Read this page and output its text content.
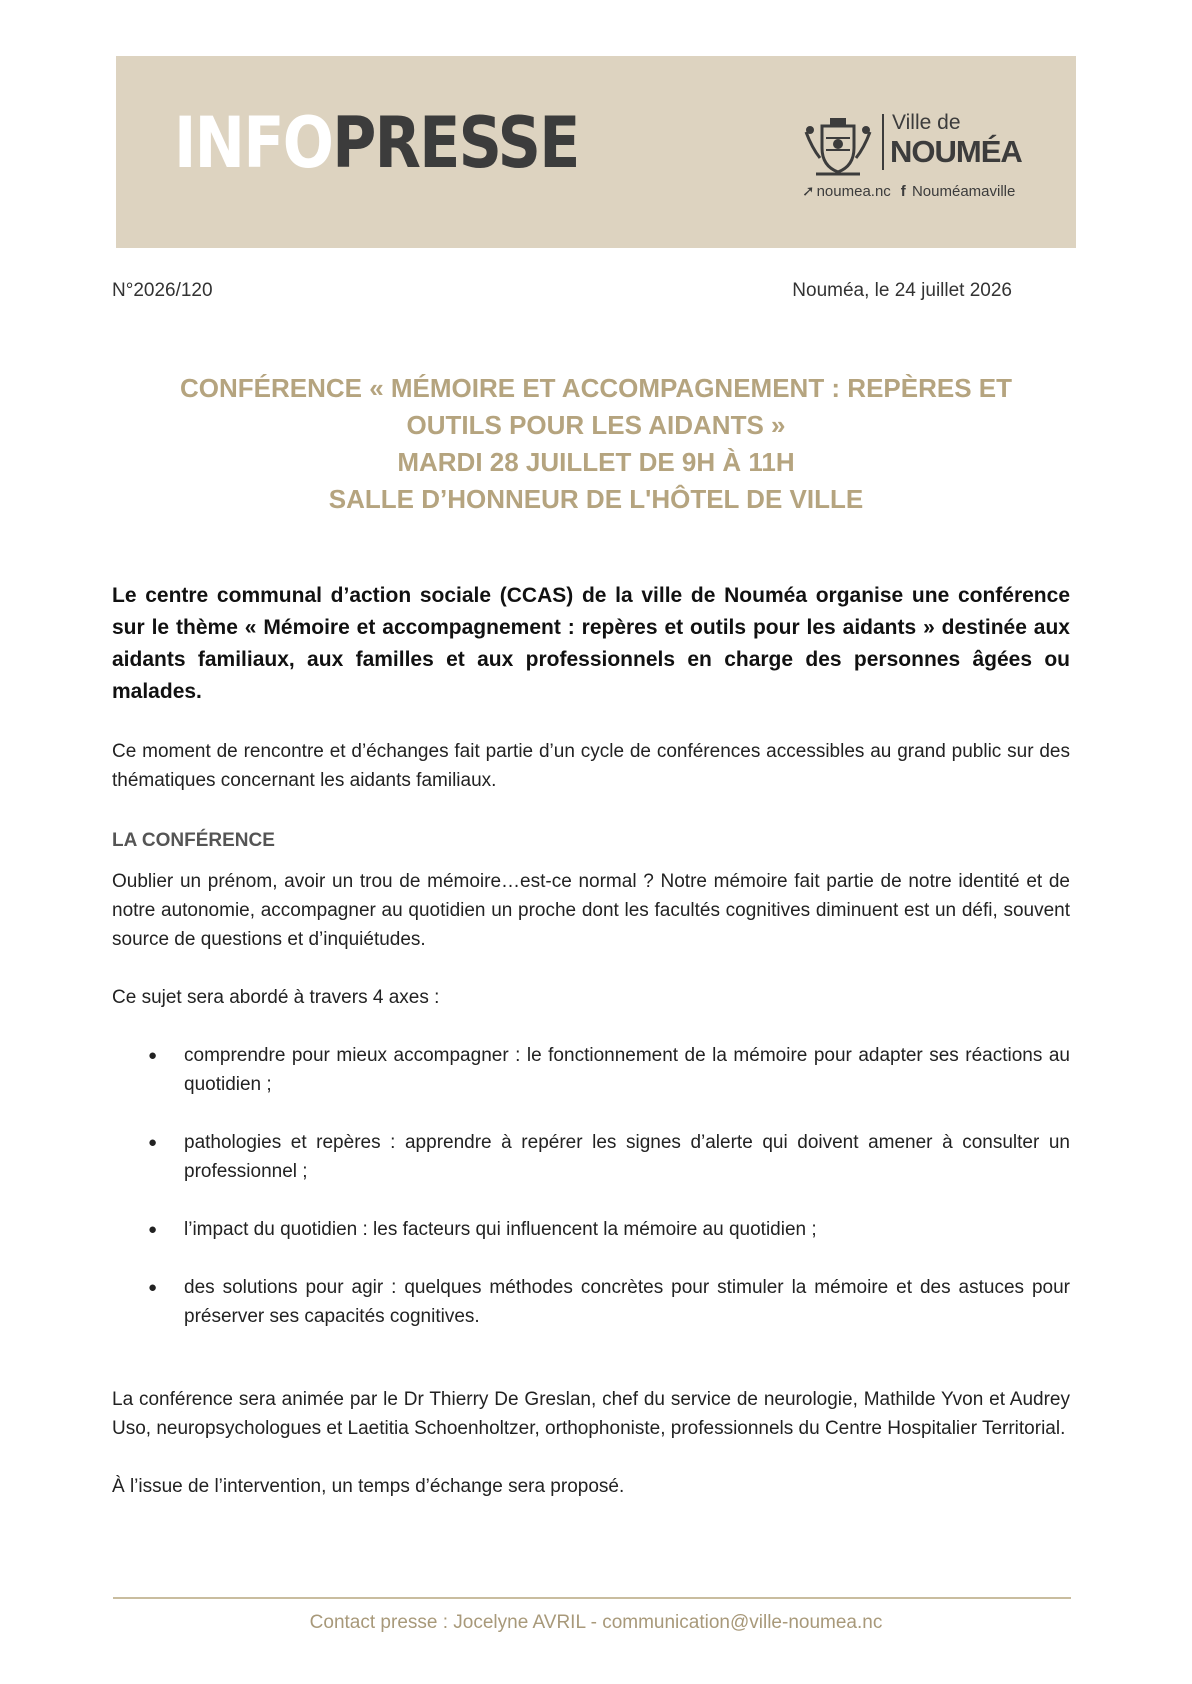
INFOPRESSE	Ville de
NOUMÉA
➚ noumea.nc f Nouméamaville
N°2026/120	Nouméa, le 24 juillet 2026
CONFÉRENCE « MÉMOIRE ET ACCOMPAGNEMENT : REPÈRES ET
OUTILS POUR LES AIDANTS »
MARDI 28 JUILLET DE 9H À 11H
SALLE D’HONNEUR DE L'HÔTEL DE VILLE

Le centre communal d’action sociale (CCAS) de la ville de Nouméa organise une conférence sur le thème « Mémoire et accompagnement : repères et outils pour les aidants » destinée aux aidants familiaux, aux familles et aux professionnels en charge des personnes âgées ou malades.

Ce moment de rencontre et d’échanges fait partie d’un cycle de conférences accessibles au grand public sur des thématiques concernant les aidants familiaux.

LA CONFÉRENCE

Oublier un prénom, avoir un trou de mémoire…est-ce normal ? Notre mémoire fait partie de notre identité et de notre autonomie, accompagner au quotidien un proche dont les facultés cognitives diminuent est un défi, souvent source de questions et d’inquiétudes.

Ce sujet sera abordé à travers 4 axes :

● comprendre pour mieux accompagner : le fonctionnement de la mémoire pour adapter ses réactions au quotidien ;
● pathologies et repères : apprendre à repérer les signes d’alerte qui doivent amener à consulter un professionnel ;
● l’impact du quotidien : les facteurs qui influencent la mémoire au quotidien ;
● des solutions pour agir : quelques méthodes concrètes pour stimuler la mémoire et des astuces pour préserver ses capacités cognitives.

La conférence sera animée par le Dr Thierry De Greslan, chef du service de neurologie, Mathilde Yvon et Audrey Uso, neuropsychologues et Laetitia Schoenholtzer, orthophoniste, professionnels du Centre Hospitalier Territorial.

À l’issue de l’intervention, un temps d’échange sera proposé.

Contact presse : Jocelyne AVRIL - communication@ville-noumea.nc
